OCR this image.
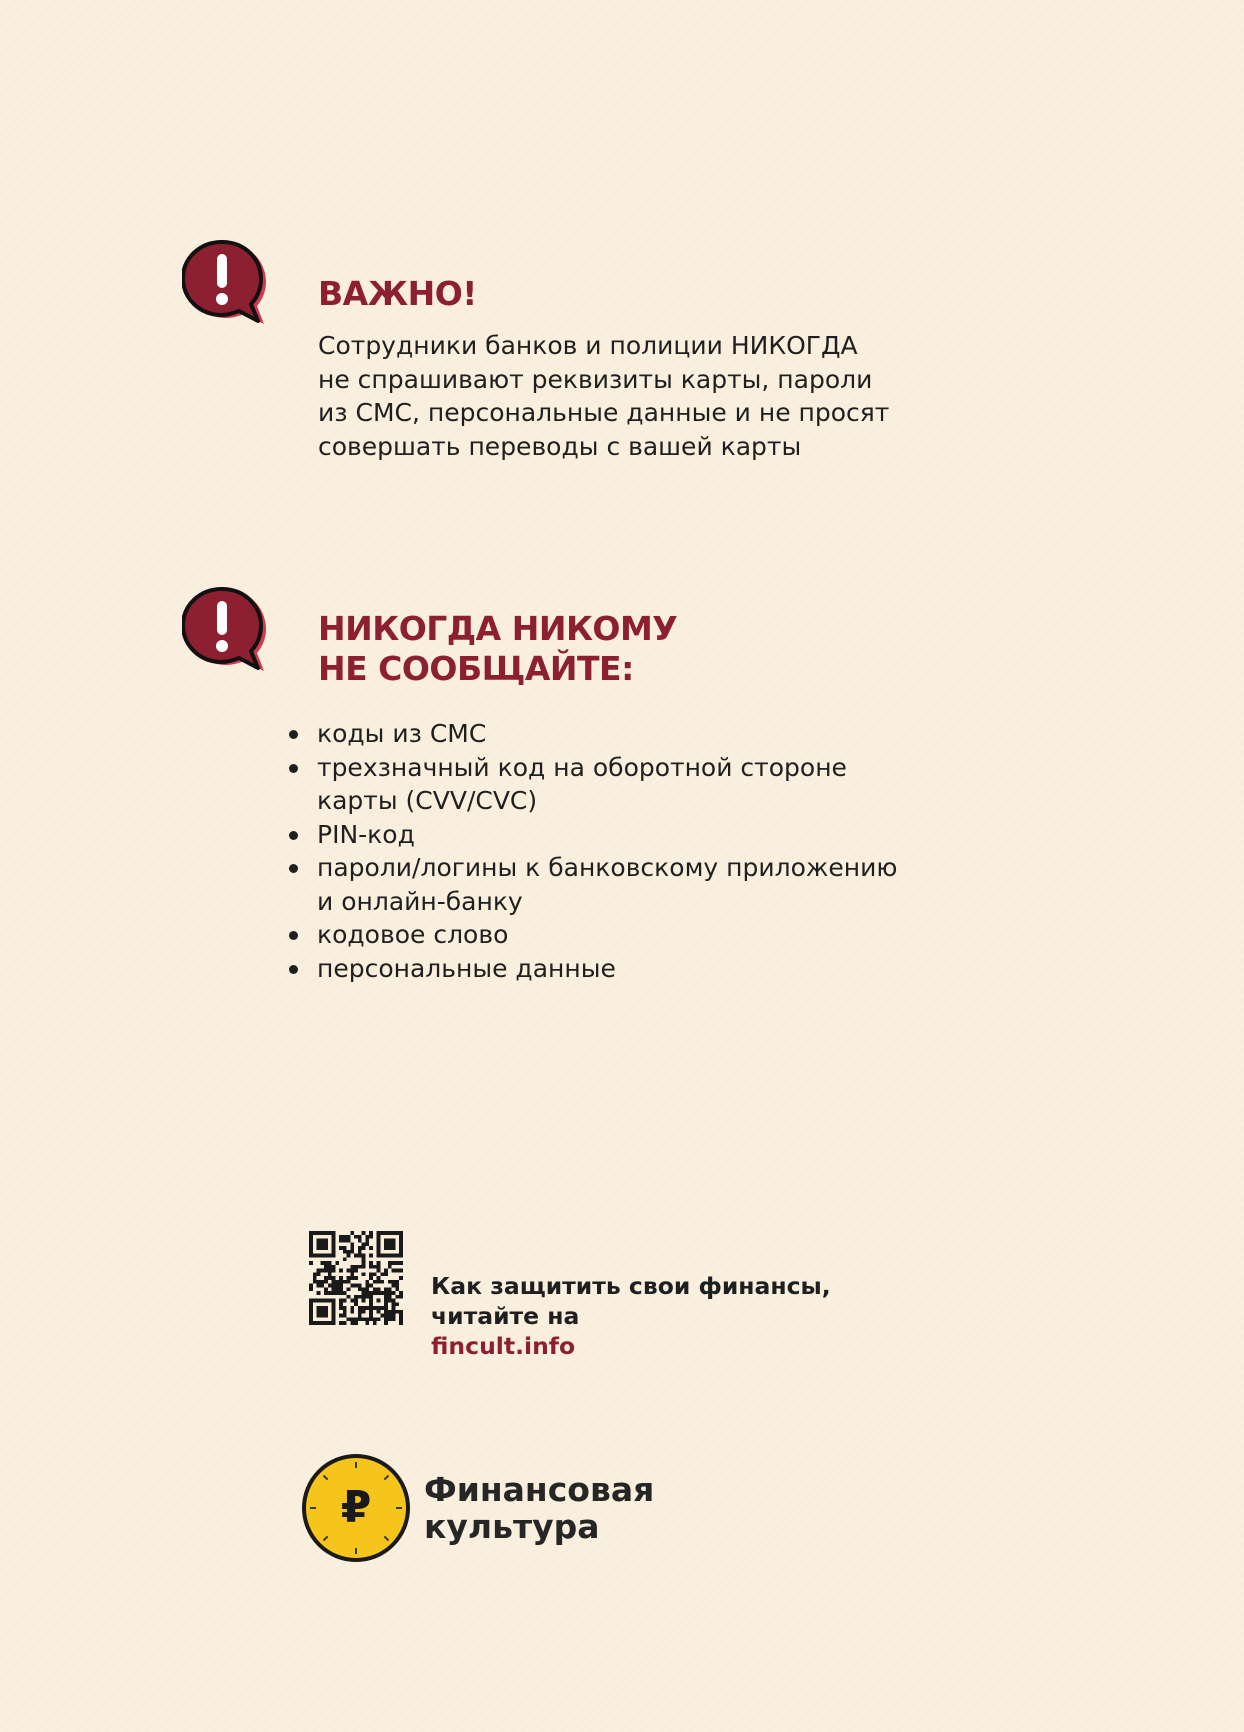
ВАЖНО!

Сотрудники банков и полиции НИКОГДА
не спрашивают реквизиты карты, пароли
из СМС, персональные данные и не просят
совершать переводы с вашей карты

НИКОГДА НИКОМУ
НЕ СООБЩАЙТЕ:
коды из СМС
трехзначный код на оборотной стороне
карты (CVV/CVC)
PIN-код
пароли/логины к банковскому приложению
и онлайн-банку
кодовое слово
персональные данные

Как защитить свои финансы,
читайте на
fincult.info

₽ Финансовая
культура
